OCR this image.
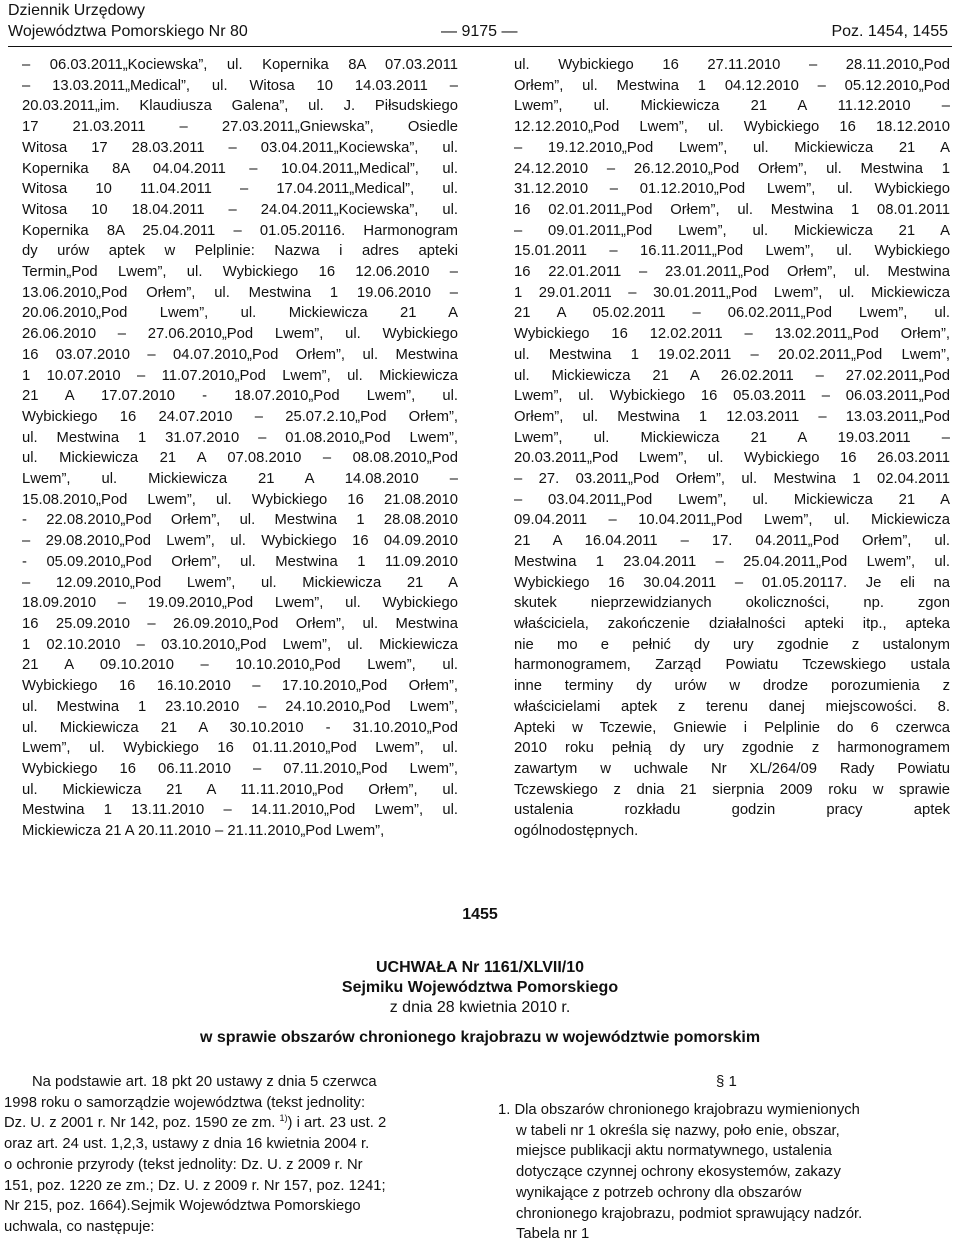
Dziennik Urzędowy
Województwa Pomorskiego Nr 80	— 9175 —	Poz. 1454, 1455
– 06.03.2011„Kociewska”, ul. Kopernika 8A 07.03.2011
– 13.03.2011„Medical”, ul. Witosa 10 14.03.2011 –
20.03.2011„im. Klaudiusza Galena”, ul. J. Piłsudskiego
17 21.03.2011 – 27.03.2011„Gniewska”, Osiedle
Witosa 17 28.03.2011 – 03.04.2011„Kociewska”, ul.
Kopernika 8A 04.04.2011 – 10.04.2011„Medical”, ul.
Witosa 10 11.04.2011 – 17.04.2011„Medical”, ul.
Witosa 10 18.04.2011 – 24.04.2011„Kociewska”, ul.
Kopernika 8A 25.04.2011 – 01.05.20116. Harmonogram
dy urów aptek w Pelplinie: Nazwa i adres apteki
Termin„Pod Lwem”, ul. Wybickiego 16 12.06.2010 –
13.06.2010„Pod Orłem”, ul. Mestwina 1 19.06.2010 –
20.06.2010„Pod Lwem”, ul. Mickiewicza 21 A
26.06.2010 – 27.06.2010„Pod Lwem”, ul. Wybickiego
16 03.07.2010 – 04.07.2010„Pod Orłem”, ul. Mestwina
1 10.07.2010 – 11.07.2010„Pod Lwem”, ul. Mickiewicza
21 A 17.07.2010 - 18.07.2010„Pod Lwem”, ul.
Wybickiego 16 24.07.2010 – 25.07.2.10„Pod Orłem”,
ul. Mestwina 1 31.07.2010 – 01.08.2010„Pod Lwem”,
ul. Mickiewicza 21 A 07.08.2010 – 08.08.2010„Pod
Lwem”, ul. Mickiewicza 21 A 14.08.2010 –
15.08.2010„Pod Lwem”, ul. Wybickiego 16 21.08.2010
- 22.08.2010„Pod Orłem”, ul. Mestwina 1 28.08.2010
– 29.08.2010„Pod Lwem”, ul. Wybickiego 16 04.09.2010
- 05.09.2010„Pod Orłem”, ul. Mestwina 1 11.09.2010
– 12.09.2010„Pod Lwem”, ul. Mickiewicza 21 A
18.09.2010 – 19.09.2010„Pod Lwem”, ul. Wybickiego
16 25.09.2010 – 26.09.2010„Pod Orłem”, ul. Mestwina
1 02.10.2010 – 03.10.2010„Pod Lwem”, ul. Mickiewicza
21 A 09.10.2010 – 10.10.2010„Pod Lwem”, ul.
Wybickiego 16 16.10.2010 – 17.10.2010„Pod Orłem”,
ul. Mestwina 1 23.10.2010 – 24.10.2010„Pod Lwem”,
ul. Mickiewicza 21 A 30.10.2010 - 31.10.2010„Pod
Lwem”, ul. Wybickiego 16 01.11.2010„Pod Lwem”, ul.
Wybickiego 16 06.11.2010 – 07.11.2010„Pod Lwem”,
ul. Mickiewicza 21 A 11.11.2010„Pod Orłem”, ul.
Mestwina 1 13.11.2010 – 14.11.2010„Pod Lwem”, ul.
Mickiewicza 21 A 20.11.2010 – 21.11.2010„Pod Lwem”,
ul. Wybickiego 16 27.11.2010 – 28.11.2010„Pod
Orłem”, ul. Mestwina 1 04.12.2010 – 05.12.2010„Pod
Lwem”, ul. Mickiewicza 21 A 11.12.2010 –
12.12.2010„Pod Lwem”, ul. Wybickiego 16 18.12.2010
– 19.12.2010„Pod Lwem”, ul. Mickiewicza 21 A
24.12.2010 – 26.12.2010„Pod Orłem”, ul. Mestwina 1
31.12.2010 – 01.12.2010„Pod Lwem”, ul. Wybickiego
16 02.01.2011„Pod Orłem”, ul. Mestwina 1 08.01.2011
– 09.01.2011„Pod Lwem”, ul. Mickiewicza 21 A
15.01.2011 – 16.11.2011„Pod Lwem”, ul. Wybickiego
16 22.01.2011 – 23.01.2011„Pod Orłem”, ul. Mestwina
1 29.01.2011 – 30.01.2011„Pod Lwem”, ul. Mickiewicza
21 A 05.02.2011 – 06.02.2011„Pod Lwem”, ul.
Wybickiego 16 12.02.2011 – 13.02.2011„Pod Orłem”,
ul. Mestwina 1 19.02.2011 – 20.02.2011„Pod Lwem”,
ul. Mickiewicza 21 A 26.02.2011 – 27.02.2011„Pod
Lwem”, ul. Wybickiego 16 05.03.2011 – 06.03.2011„Pod
Orłem”, ul. Mestwina 1 12.03.2011 – 13.03.2011„Pod
Lwem”, ul. Mickiewicza 21 A 19.03.2011 –
20.03.2011„Pod Lwem”, ul. Wybickiego 16 26.03.2011
– 27. 03.2011„Pod Orłem”, ul. Mestwina 1 02.04.2011
– 03.04.2011„Pod Lwem”, ul. Mickiewicza 21 A
09.04.2011 – 10.04.2011„Pod Lwem”, ul. Mickiewicza
21 A 16.04.2011 – 17. 04.2011„Pod Orłem”, ul.
Mestwina 1 23.04.2011 – 25.04.2011„Pod Lwem”, ul.
Wybickiego 16 30.04.2011 – 01.05.20117. Je eli na
skutek nieprzewidzianych okoliczności, np. zgon
właściciela, zakończenie działalności apteki itp., apteka
nie mo e pełnić dy ury zgodnie z ustalonym
harmonogramem, Zarząd Powiatu Tczewskiego ustala
inne terminy dy urów w drodze porozumienia z
właścicielami aptek z terenu danej miejscowości. 8.
Apteki w Tczewie, Gniewie i Pelplinie do 6 czerwca
2010 roku pełnią dy ury zgodnie z harmonogramem
zawartym w uchwale Nr XL/264/09 Rady Powiatu
Tczewskiego z dnia 21 sierpnia 2009 roku w sprawie
ustalenia rozkładu godzin pracy aptek
ogólnodostępnych.
1455
UCHWAŁA Nr 1161/XLVII/10
Sejmiku Województwa Pomorskiego
z dnia 28 kwietnia 2010 r.
w sprawie obszarów chronionego krajobrazu w województwie pomorskim
Na podstawie art. 18 pkt 20 ustawy z dnia 5 czerwca
1998 roku o samorządzie województwa (tekst jednolity:
Dz. U. z 2001 r. Nr 142, poz. 1590 ze zm. $^{1)}$) i art. 23 ust. 2
oraz art. 24 ust. 1,2,3, ustawy z dnia 16 kwietnia 2004 r.
o ochronie przyrody (tekst jednolity: Dz. U. z 2009 r. Nr
151, poz. 1220 ze zm.; Dz. U. z 2009 r. Nr 157, poz. 1241;
Nr 215, poz. 1664).Sejmik Województwa Pomorskiego
uchwala, co następuje:
§ 1
1. Dla obszarów chronionego krajobrazu wymienionych
w tabeli nr 1 określa się nazwy, poło enie, obszar,
miejsce publikacji aktu normatywnego, ustalenia
dotyczące czynnej ochrony ekosystemów, zakazy
wynikające z potrzeb ochrony dla obszarów
chronionego krajobrazu, podmiot sprawujący nadzór.
Tabela nr 1
